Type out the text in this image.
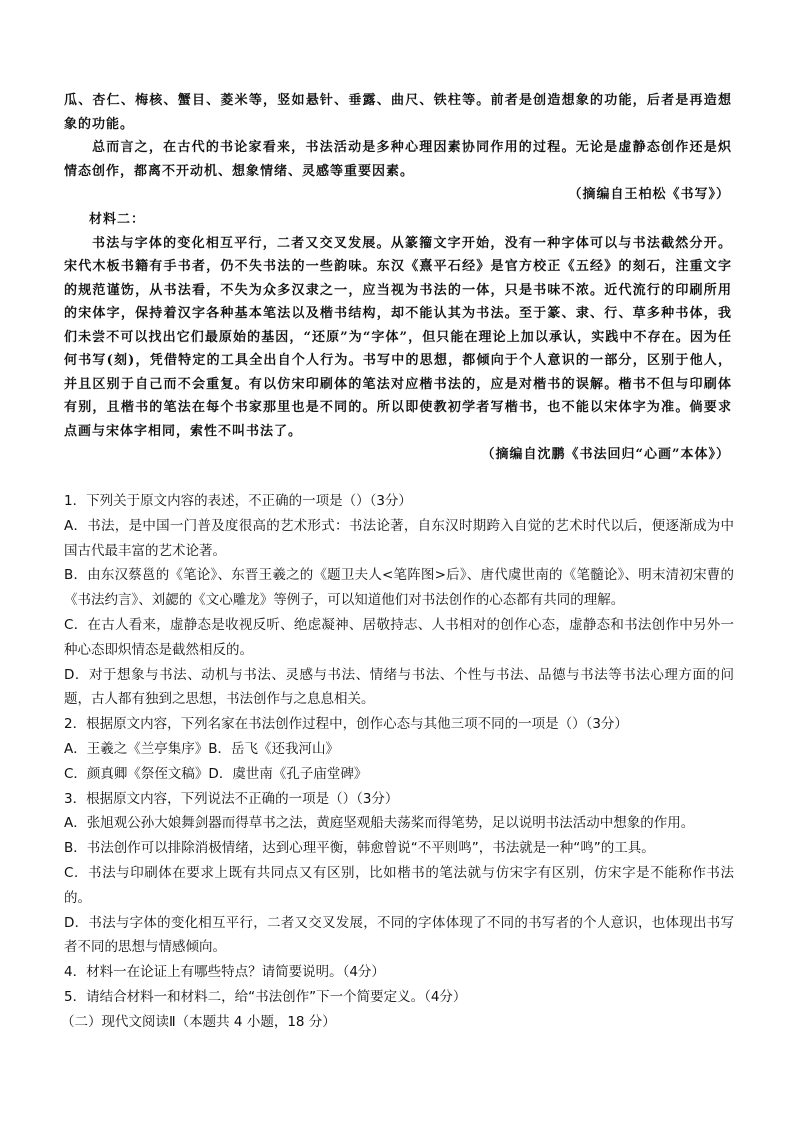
瓜、杏仁、梅核、蟹目、菱米等，竖如悬针、垂露、曲尺、铁柱等。前者是创造想象的功能，后者是再造想象的功能。

总而言之，在古代的书论家看来，书法活动是多种心理因素协同作用的过程。无论是虚静态创作还是炽情态创作，都离不开动机、想象情绪、灵感等重要因素。

（摘编自王柏松《书写》）

材料二：

书法与字体的变化相互平行，二者又交叉发展。从篆籀文字开始，没有一种字体可以与书法截然分开。宋代木板书籍有手书者，仍不失书法的一些韵味。东汉《熹平石经》是官方校正《五经》的刻石，注重文字的规范谨饬，从书法看，不失为众多汉隶之一，应当视为书法的一体，只是书味不浓。近代流行的印刷所用的宋体字，保持着汉字各种基本笔法以及楷书结构，却不能认其为书法。至于篆、隶、行、草多种书体，我们未尝不可以找出它们最原始的基因，“还原”为“字体”，但只能在理论上加以承认，实践中不存在。因为任何书写(刻)，凭借特定的工具全出自个人行为。书写中的思想，都倾向于个人意识的一部分，区别于他人，并且区别于自己而不会重复。有以仿宋印刷体的笔法对应楷书法的，应是对楷书的误解。楷书不但与印刷体有别，且楷书的笔法在每个书家那里也是不同的。所以即使教初学者写楷书，也不能以宋体字为准。倘要求点画与宋体字相同，索性不叫书法了。

（摘编自沈鹏《书法回归“心画”本体》）

1．下列关于原文内容的表述，不正确的一项是（）（3分）

A．书法，是中国一门普及度很高的艺术形式：书法论著，自东汉时期跨入自觉的艺术时代以后，便逐渐成为中国古代最丰富的艺术论著。

B．由东汉蔡邕的《笔论》、东晋王羲之的《题卫夫人<笔阵图>后》、唐代虞世南的《笔髓论》、明末清初宋曹的《书法约言》、刘勰的《文心雕龙》等例子，可以知道他们对书法创作的心态都有共同的理解。

C．在古人看来，虚静态是收视反听、绝虑凝神、居敬持志、人书相对的创作心态，虚静态和书法创作中另外一种心态即炽情态是截然相反的。

D．对于想象与书法、动机与书法、灵感与书法、情绪与书法、个性与书法、品德与书法等书法心理方面的问题，古人都有独到之思想，书法创作与之息息相关。

2．根据原文内容，下列名家在书法创作过程中，创作心态与其他三项不同的一项是（）（3分）

A．王羲之《兰亭集序》B．岳飞《还我河山》

C．颜真卿《祭侄文稿》D．虞世南《孔子庙堂碑》

3．根据原文内容，下列说法不正确的一项是（）（3分）

A．张旭观公孙大娘舞剑器而得草书之法，黄庭坚观船夫荡桨而得笔势，足以说明书法活动中想象的作用。

B．书法创作可以排除消极情绪，达到心理平衡，韩愈曾说“不平则鸣”，书法就是一种“鸣”的工具。

C．书法与印刷体在要求上既有共同点又有区别，比如楷书的笔法就与仿宋字有区别，仿宋字是不能称作书法的。

D．书法与字体的变化相互平行，二者又交叉发展，不同的字体体现了不同的书写者的个人意识，也体现出书写者不同的思想与情感倾向。

4．材料一在论证上有哪些特点？请简要说明。（4分）

5．请结合材料一和材料二，给“书法创作”下一个简要定义。（4分）

（二）现代文阅读Ⅱ（本题共 4 小题，18 分）
